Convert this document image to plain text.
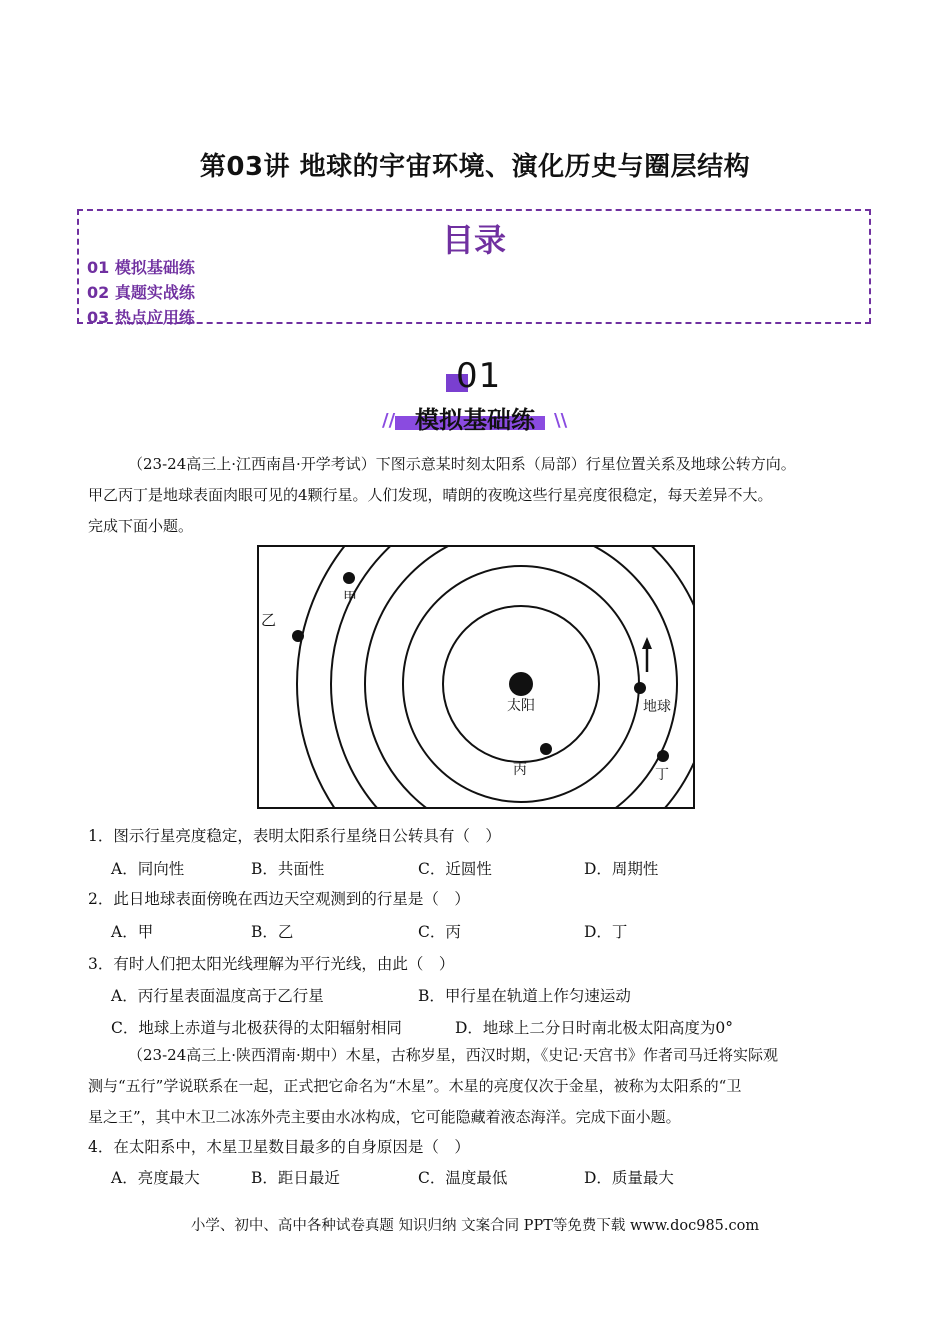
第03讲 地球的宇宙环境、演化历史与圈层结构
目录
01 模拟基础练
02 真题实战练
03 热点应用练
01
//	\\
模拟基础练
（23-24高三上·江西南昌·开学考试）下图示意某时刻太阳系（局部）行星位置关系及地球公转方向。
甲乙丙丁是地球表面肉眼可见的4颗行星。人们发现，晴朗的夜晚这些行星亮度很稳定，每天差异不大。
完成下面小题。
甲
乙
太阳	地球
丙	丁
1．图示行星亮度稳定，表明太阳系行星绕日公转具有（　）
A．同向性	B．共面性	C．近圆性	D．周期性
2．此日地球表面傍晚在西边天空观测到的行星是（　）
A．甲	B．乙	C．丙	D．丁
3．有时人们把太阳光线理解为平行光线，由此（　）
A．丙行星表面温度高于乙行星	B．甲行星在轨道上作匀速运动
C．地球上赤道与北极获得的太阳辐射相同	D．地球上二分日时南北极太阳高度为0°
（23-24高三上·陕西渭南·期中）木星，古称岁星，西汉时期，《史记·天宫书》作者司马迁将实际观
测与“五行”学说联系在一起，正式把它命名为“木星”。木星的亮度仅次于金星，被称为太阳系的“卫
星之王”，其中木卫二冰冻外壳主要由水冰构成，它可能隐藏着液态海洋。完成下面小题。
4．在太阳系中，木星卫星数目最多的自身原因是（　）
A．亮度最大	B．距日最近	C．温度最低	D．质量最大
小学、初中、高中各种试卷真题 知识归纳 文案合同 PPT等免费下载 www.doc985.com
